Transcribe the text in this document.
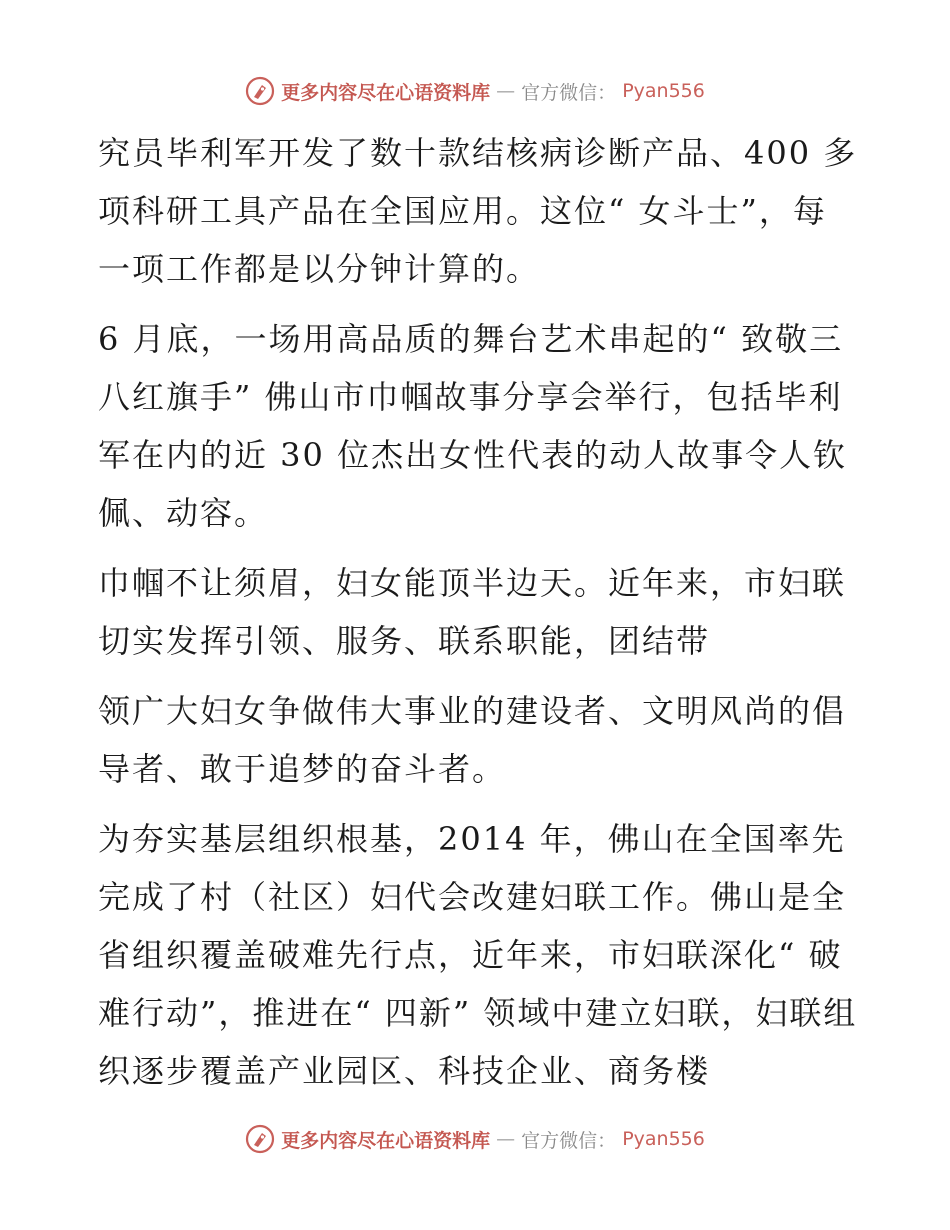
更多内容尽在心语资料库 — 官方微信： Pyan556

究员毕利军开发了数十款结核病诊断产品、400 多项科研工具产品在全国应用。这位“ 女斗士”，每一项工作都是以分钟计算的。

6 月底，一场用高品质的舞台艺术串起的“ 致敬三八红旗手” 佛山市巾帼故事分享会举行，包括毕利军在内的近 30 位杰出女性代表的动人故事令人钦佩、动容。

巾帼不让须眉，妇女能顶半边天。近年来，市妇联切实发挥引领、服务、联系职能，团结带

领广大妇女争做伟大事业的建设者、文明风尚的倡导者、敢于追梦的奋斗者。

为夯实基层组织根基，2014 年，佛山在全国率先完成了村（社区）妇代会改建妇联工作。佛山是全省组织覆盖破难先行点，近年来，市妇联深化“ 破难行动”，推进在“ 四新” 领域中建立妇联，妇联组织逐步覆盖产业园区、科技企业、商务楼

更多内容尽在心语资料库 — 官方微信： Pyan556
